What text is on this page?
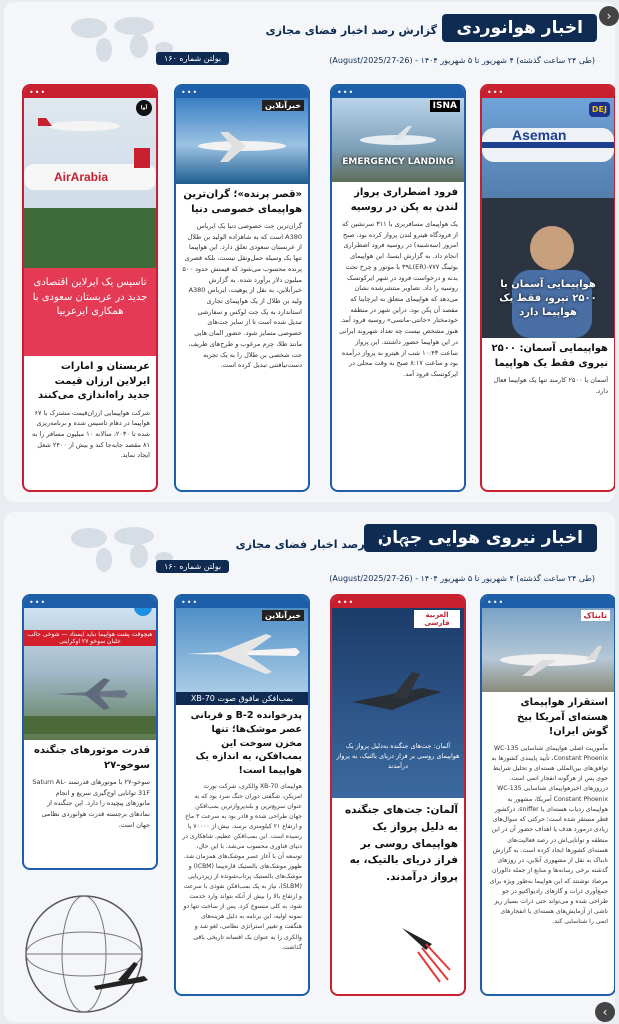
اخبار هوانوردی
گزارش رصد اخبار فضای مجازی
(طی ۲۴ ساعت گذشته) ۴ شهریور تا ۵ شهریور ۱۴۰۴ - (26-27/August/2025)
بولتن شماره ۱۶۰
•••
Aseman
DEJ
هواپیمایی آسمان با ۲۵۰۰ نیرو، فقط یک هواپیما دارد
هواپیمایی آسمان: ۲۵۰۰ نیروی فقط یک هواپیما
آسمان با ۲۵۰۰ کارمند تنها یک هواپیما فعال دارد.
•••
ISNA
EMERGENCY LANDING
فرود اضطراری پرواز لندن به پکن در روسیه
یک هواپیمای مسافربری با ۳۱۱ سرنشین که از فرودگاه هیترو لندن پرواز کرده بود، صبح امروز (سه‌شنبه) در روسیه فرود اضطراری انجام داد. به گزارش ایسنا، این هواپیمای بوئینگ ۷۷۷-۳۹L(ER) با موتور و چرخ تحت بدنه و درخواست فرود در شهر ایرکوتسک روسیه را داد. تصاویر منتشرشده نشان می‌دهد که هواپیمای متعلق به ایرچاینا که مقصد آن پکن بود، دراین شهر در منطقه خودمختار «خانتی-مانسی» روسیه فرود آمد. هنوز مشخص نیست چه تعداد شهروند ایرانی در این هواپیما حضور داشتند. این پرواز ساعت ۱۰:۴۳ شب از هیترو به پرواز درآمده بود و ساعت ۸:۱۷ صبح به وقت محلی در ایرکوتسک فرود آمد.
•••
خبرآنلاین
«قصر پرنده»؛ گران‌ترین هواپیمای خصوصی دنیا
گران‌ترین جت خصوصی دنیا یک ایرباس A380 است که به شاهزاده الولید بن طلال از عربستان سعودی تعلق دارد. این هواپیما تنها یک وسیله حمل‌ونقل نیست، بلکه قصری پرنده محسوب می‌شود که قیمتش حدود ۵۰۰ میلیون دلار برآورد شده. به گزارش خبرآنلاین، به نقل از یوهیت، ایرباس A380 ولید بن طلال از یک هواپیمای تجاری استاندارد به یک جت لوکس و سفارشی تبدیل شده است تا از سایر جت‌های خصوصی متمایز شود. حضور المان هایی مانند طلا، چرم مرغوب و طرح‌های ظریف، جت شخصی بن طلال را به یک تجربه دست‌نیافتنی تبدیل کرده است.
•••
آوا
AirArabia
تاسیس یک ایرلاین اقتصادی جدید در عربستان سعودی با همکاری ایرعربیا
عربستان و امارات ایرلاین ارزان قیمت جدید راه‌اندازی می‌کنند
شرکت هواپیمایی ارزان‌قیمت مشترک با ۶۷ هواپیما در دهام تاسیس شده و برنامه‌ریزی شده تا ۲۰۳۰، سالانه ۱۰ میلیون مسافر را به ۸۱ مقصد جابه‌جا کند و بیش از ۲۴۰۰ شغل ایجاد نماید.
›
اخبار نیروی هوایی جهان
گزارش رصد اخبار فضای مجازی
(طی ۲۴ ساعت گذشته) ۴ شهریور تا ۵ شهریور ۱۴۰۴ - (26-27/August/2025)
بولتن شماره ۱۶۰
•••
تابناک
استقرار هواپیمای هسته‌ای آمریکا بیخ گوش ایران!
مأموریت اصلی هواپیمای شناسایی WC-135 Constant Phoenix، تأیید پایبندی کشورها به توافق‌های بین‌المللی هسته‌ای و تحلیل شرایط جوی پس از هرگونه انفجار اتمی است. درروزهای اخیرهواپیمای شناسایی WC-135 Constant Phoenix آمریکا، مشهور به هواپیمای ردیاب هسته‌ای یا sniffer، درکشور قطر مستقر شده است؛ حرکتی که سوال‌های زیادی درمورد هدف یا اهداف حضور آن در این منطقه و توانایی‌اش در رصد فعالیت‌های هسته‌ای کشورها ایجاد کرده است. به گزارش تابناک به نقل از مشهوری آنلاین، در روزهای گذشته برخی رسانه‌ها و منابع از جمله دالوران مرصاد نوشتند که این هواپیما به‌طور ویژه برای جمع‌آوری ذرات و گازهای رادیواکتیو در جو طراحی شده و می‌تواند حتی ذرات بسیار ریز ناشی از آزمایش‌های هسته‌ای یا انفجارهای اتمی را شناسایی کند.
•••
العربية فارسی
آلمان: جت‌های جنگنده به‌دلیل پرواز یک هواپیمای روسی بر فراز دریای بالتیک، به پرواز درآمدند
آلمان: جت‌های جنگنده به دلیل پرواز یک هواپیمای روسی بر فراز دریای بالتیک، به پرواز درآمدند.
•••
خبرآنلاین
بمب‌افکن مافوق صوت XB-70
پدرخوانده B-2 و قربانی عصر موشک‌ها؛ تنها مخزن سوخت این بمب‌افکن، به اندازه یک هواپیما است!
هواپیمای XB-70 والکری، شرکت نورث امریکن، شگفتی دوران جنگ سرد بود که به عنوان سریع‌ترین و بلندپرواز‌ترین بمب‌افکن جهان طراحی شده و قادر بود به سرعت ۳ ماخ و ارتفاع ۲۱ کیلومتری برسد. بیش از ۷۰۰۰۰ پا رسیده است. این بمب‌افکن عظیم، شاهکاری در دنیای فناوری محسوب می‌شد، با این حال، توسعه آن با آغاز عصر موشک‌های همزمان شد. ظهور موشک‌های بالستیک قاره‌پیما (ICBM) و موشک‌های بالستیک پرتاب‌شونده از زیردریایی (SLBM)، نیاز به یک بمب‌افکن نفوذی با سرعت و ارتفاع بالا را بیش از آنکه بتواند وارد خدمت شود، به کلی منسوخ کرد. پس از ساخت تنها دو نمونه اولیه، این برنامه به دلیل هزینه‌های هنگفت و تغییر استراتژی نظامی، لغو شد و والکری را به عنوان یک افسانه تاریخی باقی گذاشت.
•••
هیچوقت پشت هواپیما نباید ایستاد — شوخی جالب خلبان سوخو ۲۷ اوکراینی
قدرت موتورهای جنگنده سوخو-۲۷
سوخو-۲۷ با موتورهای قدرتمند Saturn AL-31F توانایی اوج‌گیری سریع و انجام مانورهای پیچیده را دارد. این جنگنده از نمادهای برجسته قدرت هوانوردی نظامی جهان است.
‹
